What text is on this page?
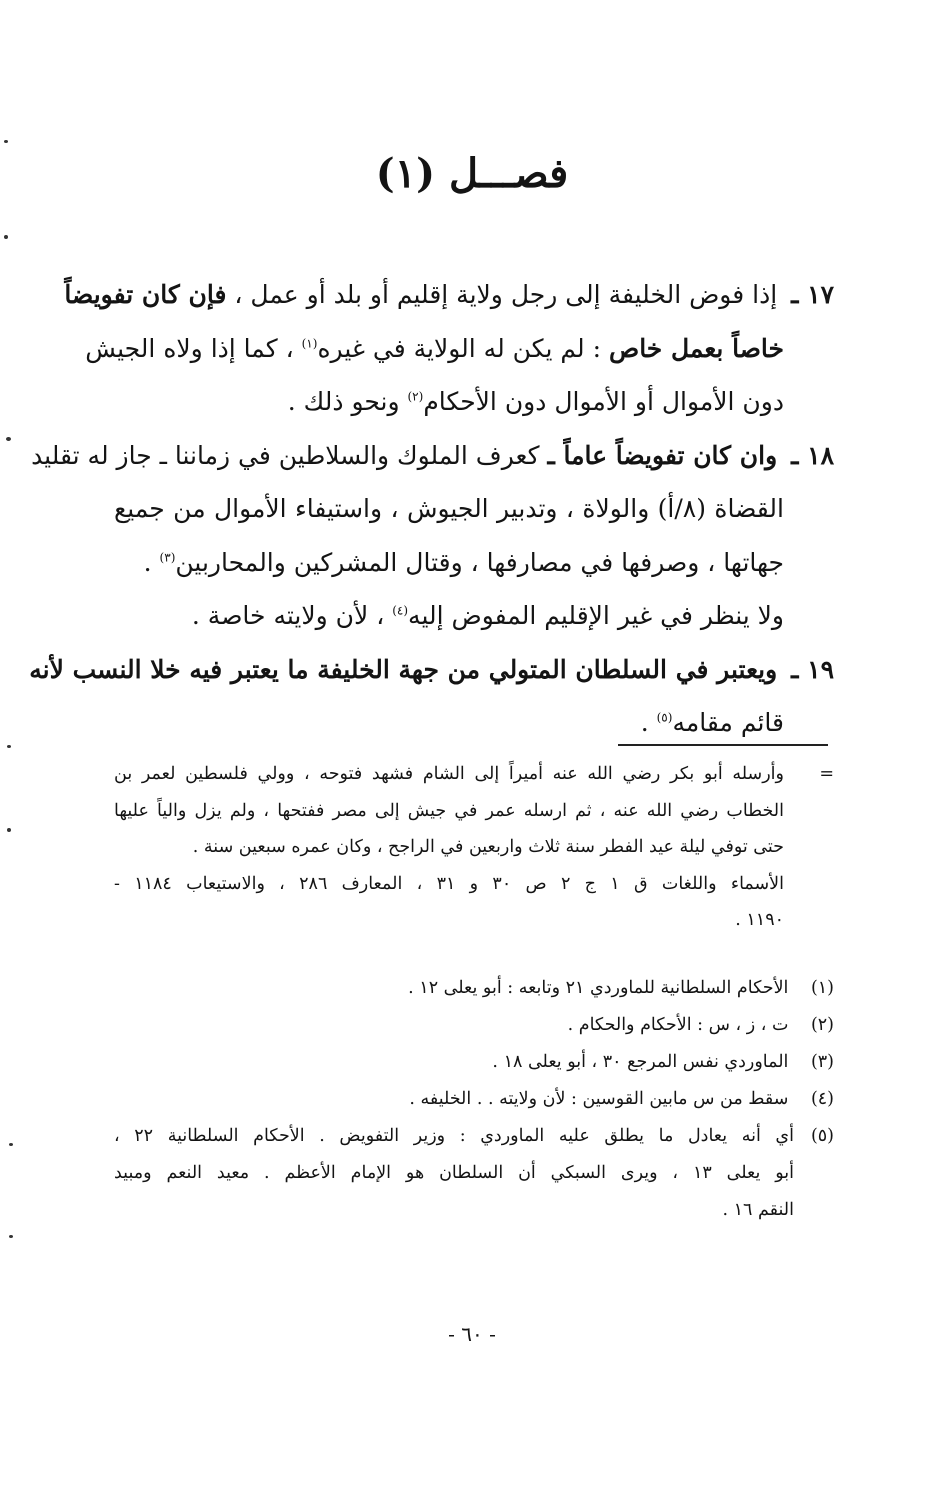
فصـــل (١)
١٧ ـ إذا فوض الخليفة إلى رجل ولاية إقليم أو بلد أو عمل ، فإن كان تفويضاً
خاصاً بعمل خاص : لم يكن له الولاية في غيره$^{(١)}$ ، كما إذا ولاه الجيش
دون الأموال أو الأموال دون الأحكام$^{(٢)}$ ونحو ذلك .
١٨ ـ وان كان تفويضاً عاماً ـ كعرف الملوك والسلاطين في زماننا ـ جاز له تقليد
القضاة (٨/أ) والولاة ، وتدبير الجيوش ، واستيفاء الأموال من جميع
جهاتها ، وصرفها في مصارفها ، وقتال المشركين والمحاربين$^{(٣)}$ .
ولا ينظر في غير الإقليم المفوض إليه$^{(٤)}$ ، لأن ولايته خاصة .
١٩ ـ ويعتبر في السلطان المتولي من جهة الخليفة ما يعتبر فيه خلا النسب لأنه
قائم مقامه$^{(٥)}$ .
=وأرسله أبو بكر رضي الله عنه أميراً إلى الشام فشهد فتوحه ، وولي فلسطين لعمر بن
الخطاب رضي الله عنه ، ثم ارسله عمر في جيش إلى مصر ففتحها ، ولم يزل والياً عليها
حتى توفي ليلة عيد الفطر سنة ثلاث واربعين في الراجح ، وكان عمره سبعين سنة .
الأسماء واللغات ق ١ ج ٢ ص ٣٠ و ٣١ ، المعارف ٢٨٦ ، والاستيعاب ١١٨٤ -
١١٩٠ .
(١) الأحكام السلطانية للماوردي ٢١ وتابعه : أبو يعلى ١٢ .
(٢) ت ، ز ، س : الأحكام والحكام .
(٣) الماوردي نفس المرجع ٣٠ ، أبو يعلى ١٨ .
(٤) سقط من س مابين القوسين : لأن ولايته . . الخليفه .
(٥)أي أنه يعادل ما يطلق عليه الماوردي : وزير التفويض . الأحكام السلطانية ٢٢ ،
أبو يعلى ١٣ ، ويرى السبكي أن السلطان هو الإمام الأعظم . معيد النعم ومبيد
النقم ١٦ .
- ٦٠ -
